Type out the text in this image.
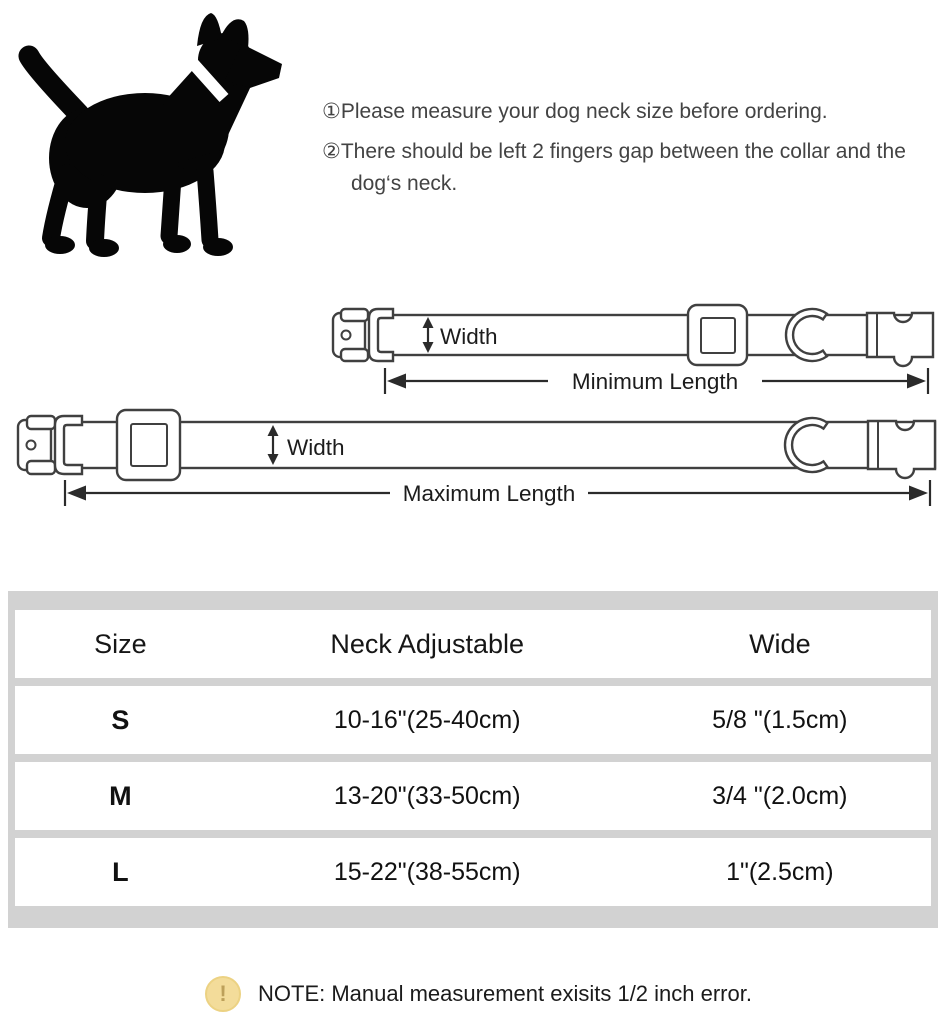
①Please measure your dog neck size before ordering.
②There should be left 2 fingers gap between the collar and the dog‘s neck.
Width
Minimum Length
Width
Maximum Length
Size	Neck Adjustable	Wide
S	10-16"(25-40cm)	5/8 "(1.5cm)
M	13-20"(33-50cm)	3/4 "(2.0cm)
L	15-22"(38-55cm)	1"(2.5cm)
!	NOTE: Manual measurement exisits 1/2 inch error.
